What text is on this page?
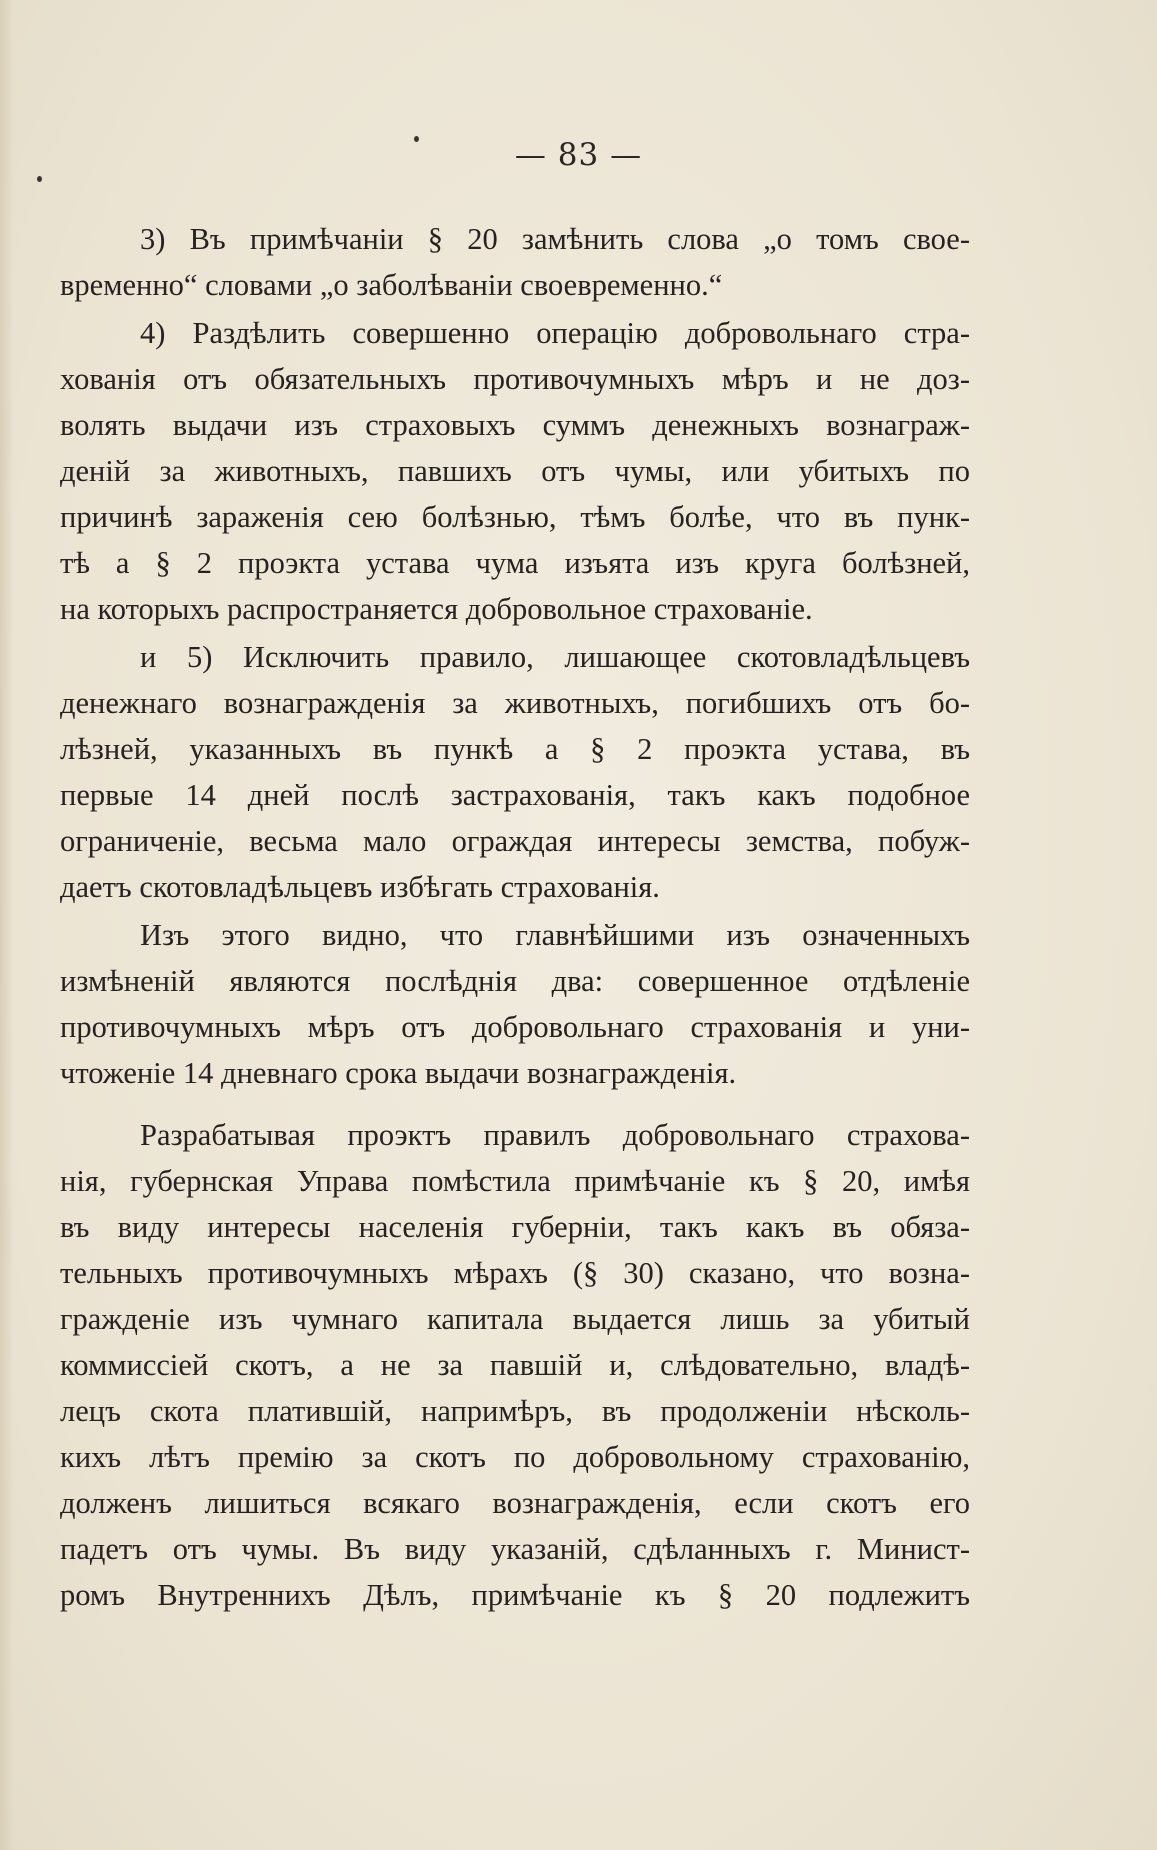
— 83 —
3) Въ примѣчаніи § 20 замѣнить слова „о томъ свое-
временно“ словами „о заболѣваніи своевременно.“
4) Раздѣлить совершенно операцію добровольнаго стра-
хованія отъ обязательныхъ противочумныхъ мѣръ и не доз-
волять выдачи изъ страховыхъ суммъ денежныхъ вознаграж-
деній за животныхъ, павшихъ отъ чумы, или убитыхъ по
причинѣ зараженія сею болѣзнью, тѣмъ болѣе, что въ пунк-
тѣ а § 2 проэкта устава чума изъята изъ круга болѣзней,
на которыхъ распространяется добровольное страхованіе.
и 5) Исключить правило, лишающее скотовладѣльцевъ
денежнаго вознагражденія за животныхъ, погибшихъ отъ бо-
лѣзней, указанныхъ въ пункѣ а § 2 проэкта устава, въ
первые 14 дней послѣ застрахованія, такъ какъ подобное
ограниченіе, весьма мало ограждая интересы земства, побуж-
даетъ скотовладѣльцевъ избѣгать страхованія.
Изъ этого видно, что главнѣйшими изъ означенныхъ
измѣненій являются послѣднія два: совершенное отдѣленіе
противочумныхъ мѣръ отъ добровольнаго страхованія и уни-
чтоженіе 14 дневнаго срока выдачи вознагражденія.
Разрабатывая проэктъ правилъ добровольнаго страхова-
нія, губернская Управа помѣстила примѣчаніе къ § 20, имѣя
въ виду интересы населенія губерніи, такъ какъ въ обяза-
тельныхъ противочумныхъ мѣрахъ (§ 30) сказано, что возна-
гражденіе изъ чумнаго капитала выдается лишь за убитый
коммиссіей скотъ, а не за павшій и, слѣдовательно, владѣ-
лецъ скота платившій, напримѣръ, въ продолженіи нѣсколь-
кихъ лѣтъ премію за скотъ по добровольному страхованію,
долженъ лишиться всякаго вознагражденія, если скотъ его
падетъ отъ чумы. Въ виду указаній, сдѣланныхъ г. Минист-
ромъ Внутреннихъ Дѣлъ, примѣчаніе къ § 20 подлежитъ
